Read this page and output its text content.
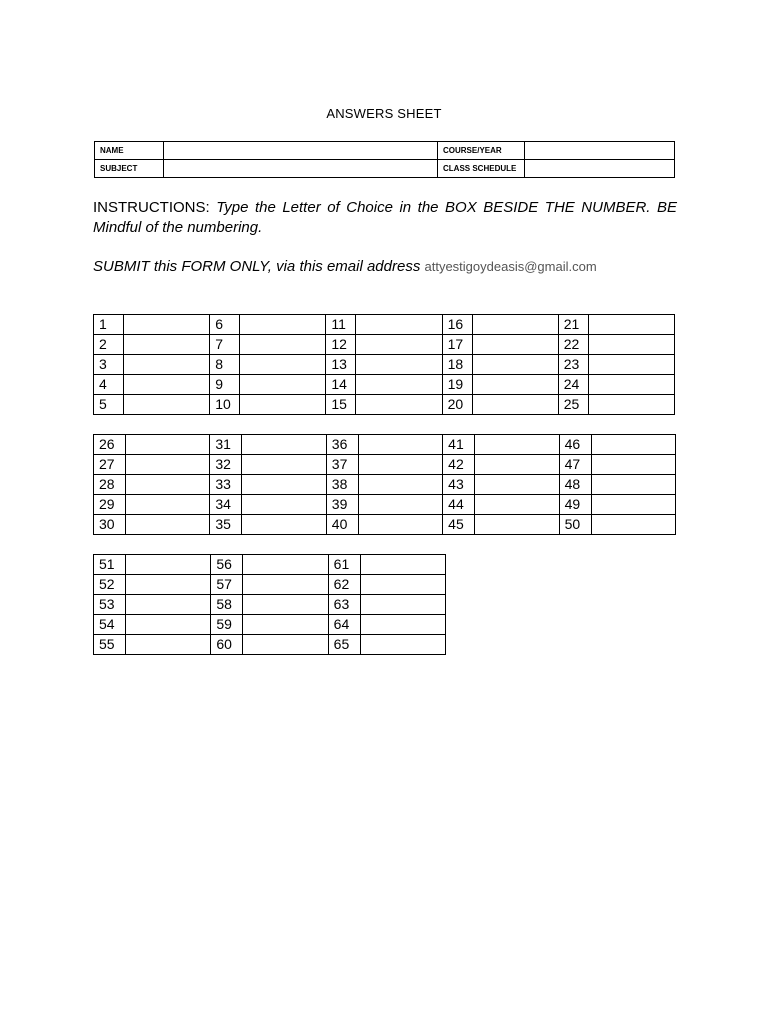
ANSWERS SHEET
NAME		COURSE/YEAR	
SUBJECT		CLASS SCHEDULE	
INSTRUCTIONS: Type the Letter of Choice in the BOX BESIDE THE NUMBER. BE Mindful of the numbering.
SUBMIT this FORM ONLY, via this email address attyestigoydeasis@gmail.com
1		6		11		16		21	
2		7		12		17		22	
3		8		13		18		23	
4		9		14		19		24	
5		10		15		20		25	
26		31		36		41		46	
27		32		37		42		47	
28		33		38		43		48	
29		34		39		44		49	
30		35		40		45		50	
51		56		61	
52		57		62	
53		58		63	
54		59		64	
55		60		65	
